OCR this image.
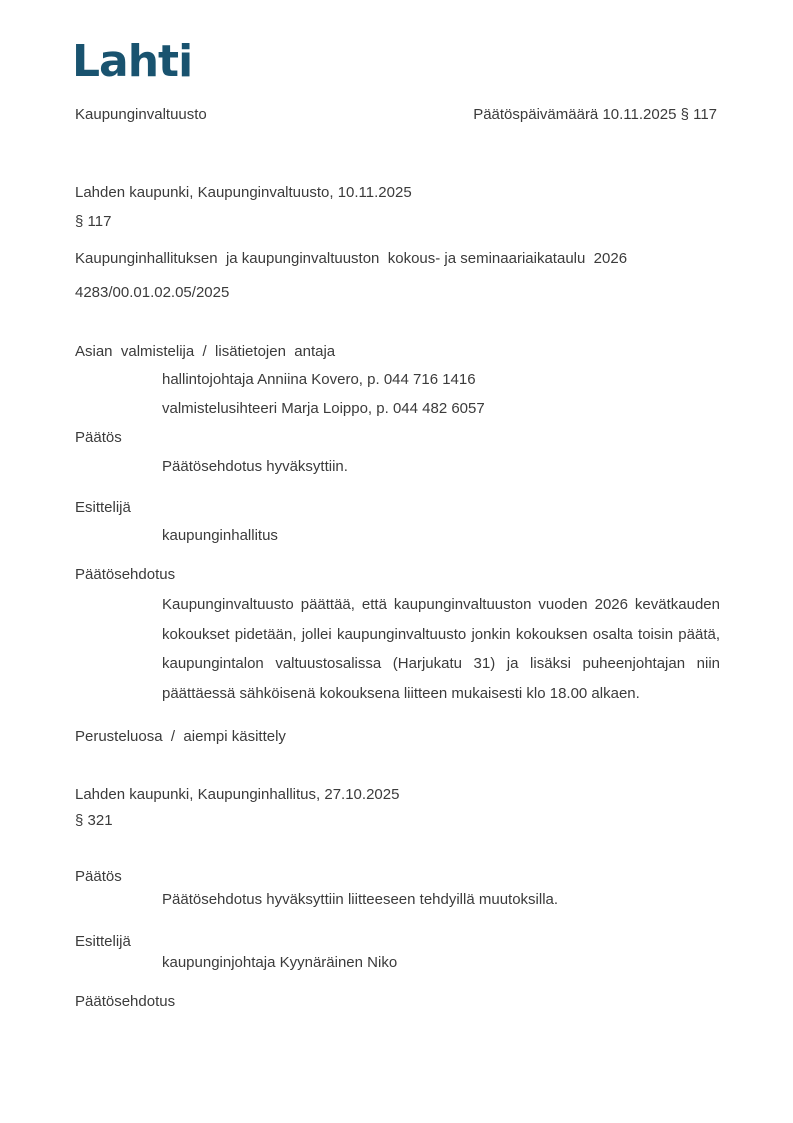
Lahti
Kaupunginvaltuusto	Päätöspäivämäärä 10.11.2025 § 117
Lahden kaupunki, Kaupunginvaltuusto, 10.11.2025
§ 117
Kaupunginhallituksen  ja kaupunginvaltuuston  kokous- ja seminaariaikataulu  2026
4283/00.01.02.05/2025
Asian  valmistelija  /  lisätietojen  antaja
hallintojohtaja Anniina Kovero, p. 044 716 1416
valmistelusihteeri Marja Loippo, p. 044 482 6057
Päätös
Päätösehdotus hyväksyttiin.
Esittelijä
kaupunginhallitus
Päätösehdotus
Kaupunginvaltuusto päättää, että kaupunginvaltuuston vuoden 2026 kevätkauden kokoukset pidetään, jollei kaupunginvaltuusto jonkin kokouksen osalta toisin päätä, kaupungintalon valtuustosalissa (Harjukatu 31) ja lisäksi puheenjohtajan niin päättäessä sähköisenä kokouksena liitteen mukaisesti klo 18.00 alkaen.
Perusteluosa  /  aiempi käsittely
Lahden kaupunki, Kaupunginhallitus, 27.10.2025
§ 321
Päätös
Päätösehdotus hyväksyttiin liitteeseen tehdyillä muutoksilla.
Esittelijä
kaupunginjohtaja Kyynäräinen Niko
Päätösehdotus
